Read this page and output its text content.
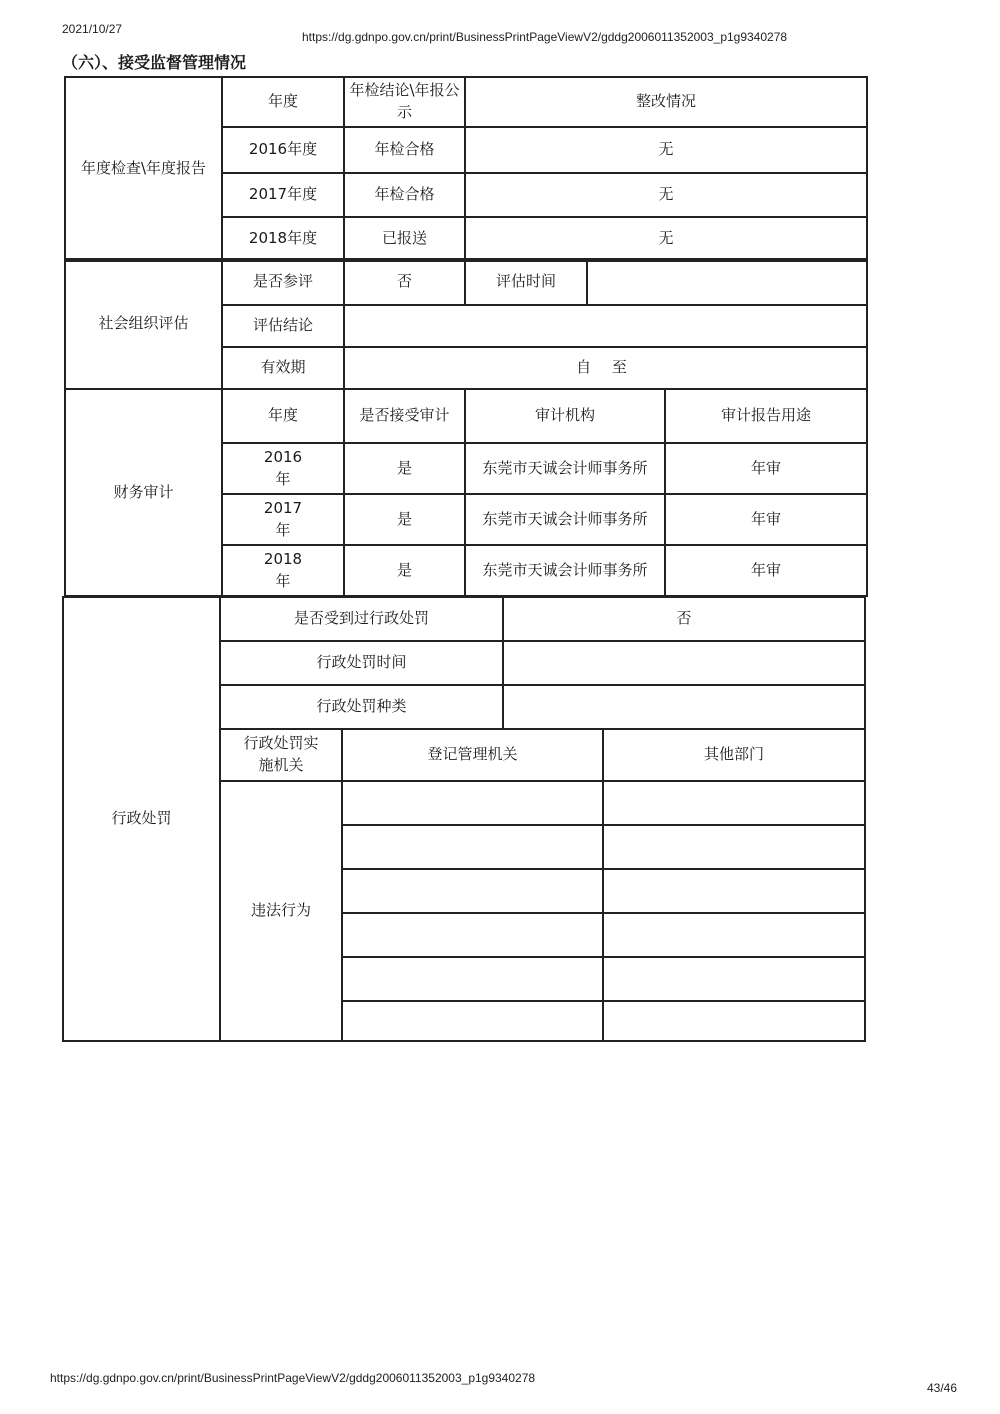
2021/10/27
https://dg.gdnpo.gov.cn/print/BusinessPrintPageViewV2/gddg2006011352003_p1g9340278
（六）、接受监督管理情况
年度检查\年度报告	年度	年检结论\年报公示	整改情况
	2016年度	年检合格	无
	2017年度	年检合格	无
	2018年度	已报送	无
社会组织评估	是否参评	否	评估时间	
	评估结论			
	有效期	自 至		
财务审计	年度	是否接受审计	审计机构	审计报告用途
	2016年	是	东莞市天诚会计师事务所	年审
	2017年	是	东莞市天诚会计师事务所	年审
	2018年	是	东莞市天诚会计师事务所	年审
行政处罚	是否受到过行政处罚		否	
	行政处罚时间			
	行政处罚种类			
	行政处罚实施机关	登记管理机关		其他部门
	违法行为			

https://dg.gdnpo.gov.cn/print/BusinessPrintPageViewV2/gddg2006011352003_p1g9340278
43/46
